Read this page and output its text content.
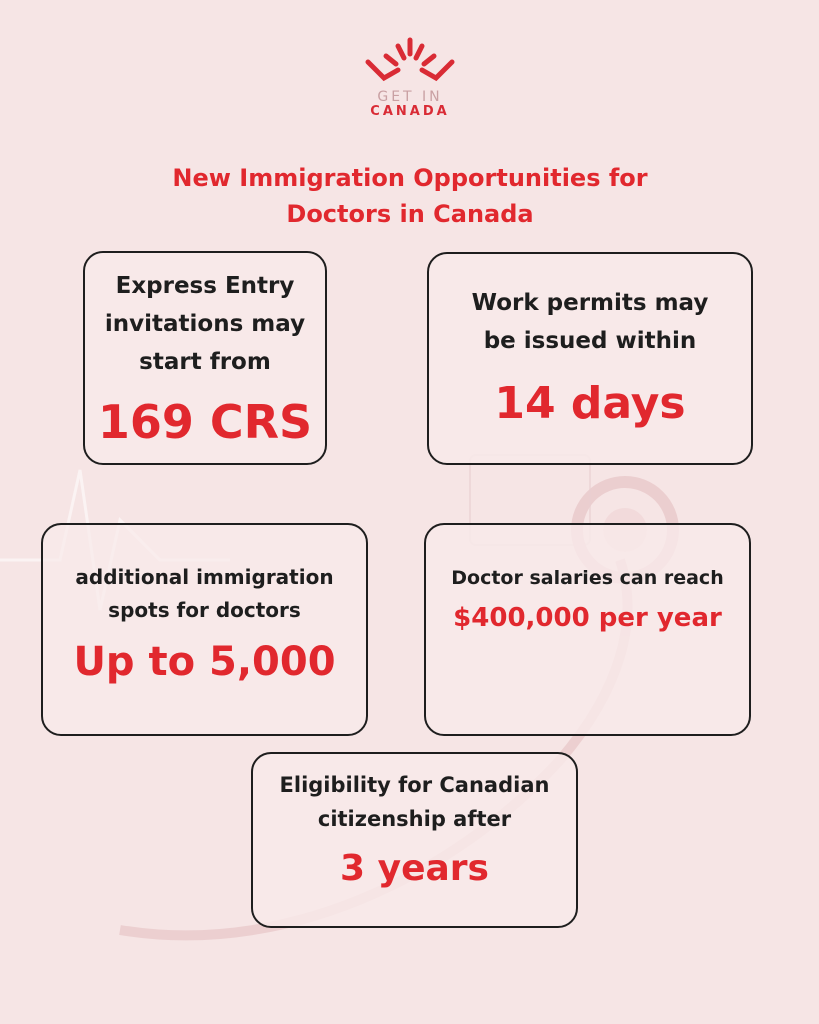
GET IN
CANADA
New Immigration Opportunities for
Doctors in Canada
Express Entry
invitations may
start from
169 CRS
Work permits may
be issued within
14 days
additional immigration
spots for doctors
Up to 5,000
Doctor salaries can reach
$400,000 per year
Eligibility for Canadian
citizenship after
3 years
